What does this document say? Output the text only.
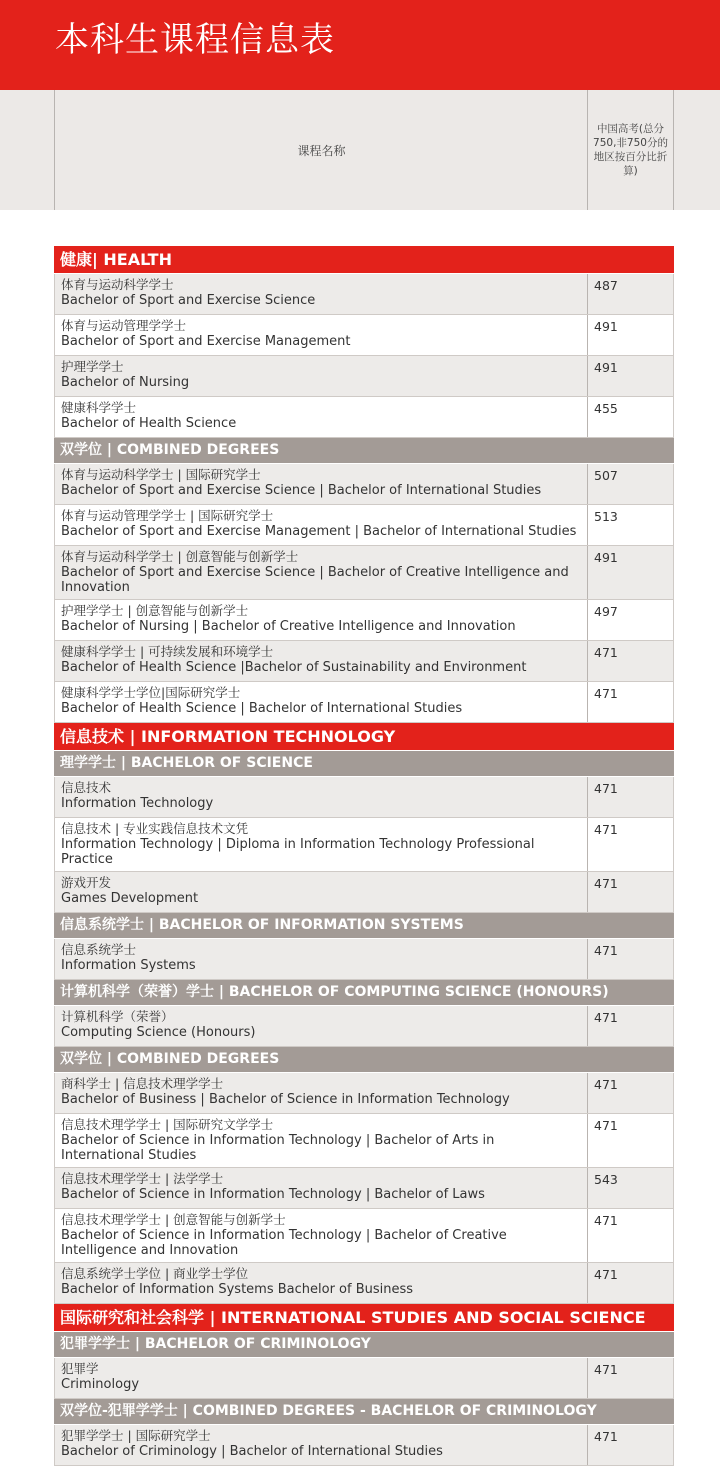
本科生课程信息表
课程名称
中国高考(总分750,非750分的地区按百分比折算)
健康| HEALTH
体育与运动科学学士
Bachelor of Sport and Exercise Science
487
体育与运动管理学学士
Bachelor of Sport and Exercise Management
491
护理学学士
Bachelor of Nursing
491
健康科学学士
Bachelor of Health Science
455
双学位 | COMBINED DEGREES
体育与运动科学学士 | 国际研究学士
Bachelor of Sport and Exercise Science | Bachelor of International Studies
507
体育与运动管理学学士 | 国际研究学士
Bachelor of Sport and Exercise Management | Bachelor of International Studies
513
体育与运动科学学士 | 创意智能与创新学士
Bachelor of Sport and Exercise Science | Bachelor of Creative Intelligence and Innovation
491
护理学学士 | 创意智能与创新学士
Bachelor of Nursing | Bachelor of Creative Intelligence and Innovation
497
健康科学学士 | 可持续发展和环境学士
Bachelor of Health Science |Bachelor of Sustainability and Environment
471
健康科学学士学位|国际研究学士
Bachelor of Health Science | Bachelor of International Studies
471
信息技术 | INFORMATION TECHNOLOGY
理学学士 | BACHELOR OF SCIENCE
信息技术
Information Technology
471
信息技术 | 专业实践信息技术文凭
Information Technology | Diploma in Information Technology Professional Practice
471
游戏开发
Games Development
471
信息系统学士 | BACHELOR OF INFORMATION SYSTEMS
信息系统学士
Information Systems
471
计算机科学（荣誉）学士 | BACHELOR OF COMPUTING SCIENCE (HONOURS)
计算机科学（荣誉）
Computing Science (Honours)
471
双学位 | COMBINED DEGREES
商科学士 | 信息技术理学学士
Bachelor of Business | Bachelor of Science in Information Technology
471
信息技术理学学士 | 国际研究文学学士
Bachelor of Science in Information Technology | Bachelor of Arts in International Studies
471
信息技术理学学士 | 法学学士
Bachelor of Science in Information Technology | Bachelor of Laws
543
信息技术理学学士 | 创意智能与创新学士
Bachelor of Science in Information Technology | Bachelor of Creative Intelligence and Innovation
471
信息系统学士学位 | 商业学士学位
Bachelor of Information Systems Bachelor of Business
471
国际研究和社会科学 | INTERNATIONAL STUDIES AND SOCIAL SCIENCE
犯罪学学士 | BACHELOR OF CRIMINOLOGY
犯罪学
Criminology
471
双学位-犯罪学学士 | COMBINED DEGREES - BACHELOR OF CRIMINOLOGY
犯罪学学士 | 国际研究学士
Bachelor of Criminology | Bachelor of International Studies
471
